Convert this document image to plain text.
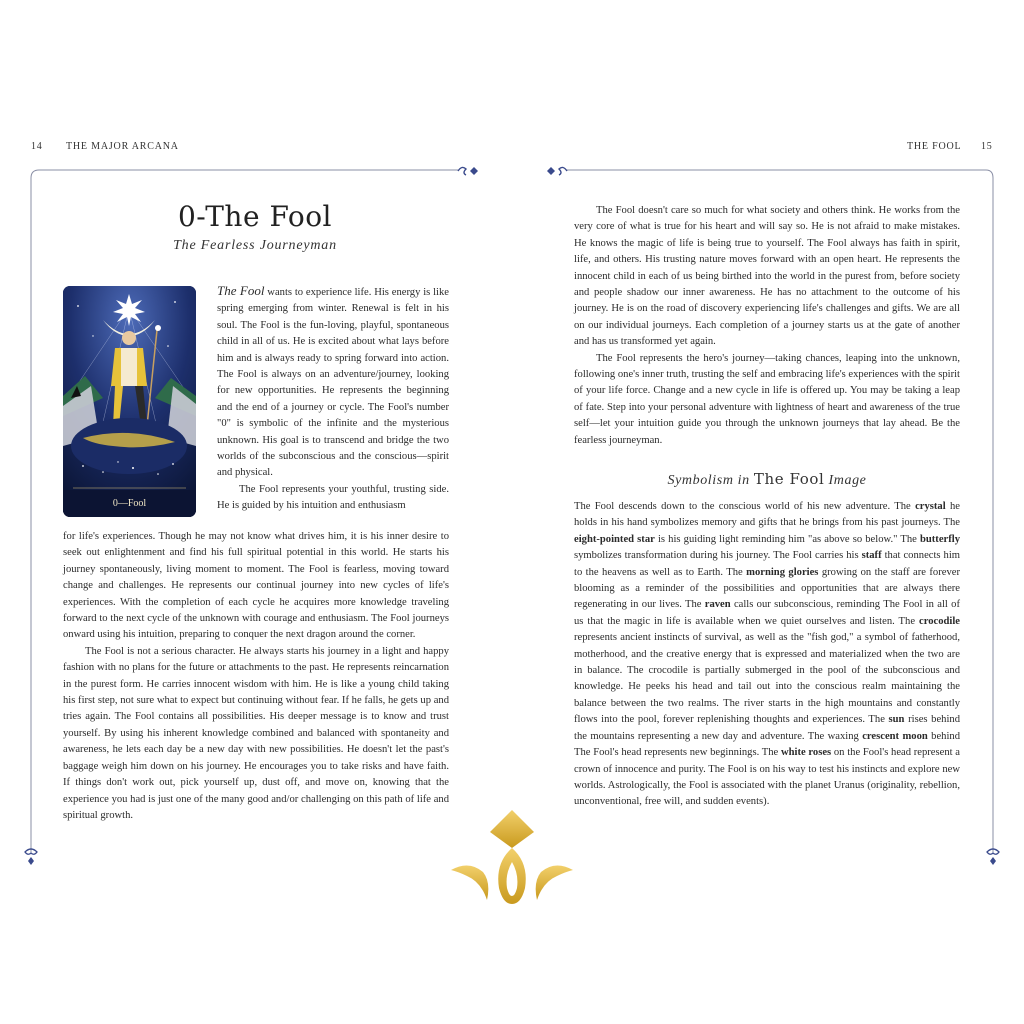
14 THE MAJOR ARCANA	THE FOOL 15
0-The Fool
The Fearless Journeyman
0—Fool

The Fool wants to experience life. His energy is like spring emerging from winter. Renewal is felt in his soul. The Fool is the fun-loving, playful, spontaneous child in all of us. He is excited about what lays before him and is always ready to spring forward into action. The Fool is always on an adventure/journey, looking for new opportunities. He represents the beginning and the end of a journey or cycle. The Fool's number "0" is symbolic of the infinite and the mysterious unknown. His goal is to transcend and bridge the two worlds of the subconscious and the conscious—spirit and physical.

The Fool represents your youthful, trusting side. He is guided by his intuition and enthusiasm

for life's experiences. Though he may not know what drives him, it is his inner desire to seek out enlightenment and find his full spiritual potential in this world. He starts his journey spontaneously, living moment to moment. The Fool is fearless, moving toward change and challenges. He represents our continual journey into new cycles of life's experiences. With the completion of each cycle he acquires more knowledge traveling forward to the next cycle of the unknown with courage and enthusiasm. The Fool journeys onward using his intuition, preparing to conquer the next dragon around the corner.

The Fool is not a serious character. He always starts his journey in a light and happy fashion with no plans for the future or attachments to the past. He represents reincarnation in the purest form. He carries innocent wisdom with him. He is like a young child taking his first step, not sure what to expect but continuing without fear. If he falls, he gets up and tries again. The Fool contains all possibilities. His deeper message is to know and trust yourself. By using his inherent knowledge combined and balanced with spontaneity and awareness, he lets each day be a new day with new possibilities. He doesn't let the past's baggage weigh him down on his journey. He encourages you to take risks and have faith. If things don't work out, pick yourself up, dust off, and move on, knowing that the experience you had is just one of the many good and/or challenging on this path of life and spiritual growth.

The Fool doesn't care so much for what society and others think. He works from the very core of what is true for his heart and will say so. He is not afraid to make mistakes. He knows the magic of life is being true to yourself. The Fool always has faith in spirit, life, and others. His trusting nature moves forward with an open heart. He represents the innocent child in each of us being birthed into the world in the purest from, before society and people shadow our inner awareness. He has no attachment to the outcome of his journey. He is on the road of discovery experiencing life's challenges and gifts. We are all on our individual journeys. Each completion of a journey starts us at the gate of another and has us transformed yet again.

The Fool represents the hero's journey—taking chances, leaping into the unknown, following one's inner truth, trusting the self and embracing life's experiences with the spirit of your life force. Change and a new cycle in life is offered up. You may be taking a leap of fate. Step into your personal adventure with lightness of heart and awareness of the true self—let your intuition guide you through the unknown journeys that lay ahead. Be the fearless journeyman.

Symbolism in The Fool Image

The Fool descends down to the conscious world of his new adventure. The crystal he holds in his hand symbolizes memory and gifts that he brings from his past journeys. The eight-pointed star is his guiding light reminding him "as above so below." The butterfly symbolizes transformation during his journey. The Fool carries his staff that connects him to the heavens as well as to Earth. The morning glories growing on the staff are forever blooming as a reminder of the possibilities and opportunities that are always there regenerating in our lives. The raven calls our subconscious, reminding The Fool in all of us that the magic in life is available when we quiet ourselves and listen. The crocodile represents ancient instincts of survival, as well as the "fish god," a symbol of fatherhood, motherhood, and the creative energy that is expressed and materialized when the two are in balance. The crocodile is partially submerged in the pool of the subconscious and knowledge. He peeks his head and tail out into the conscious realm maintaining the balance between the two realms. The river starts in the high mountains and constantly flows into the pool, forever replenishing thoughts and experiences. The sun rises behind the mountains representing a new day and adventure. The waxing crescent moon behind The Fool's head represents new beginnings. The white roses on the Fool's head represent a crown of innocence and purity. The Fool is on his way to test his instincts and explore new worlds. Astrologically, the Fool is associated with the planet Uranus (originality, rebellion, unconventional, free will, and sudden events).
